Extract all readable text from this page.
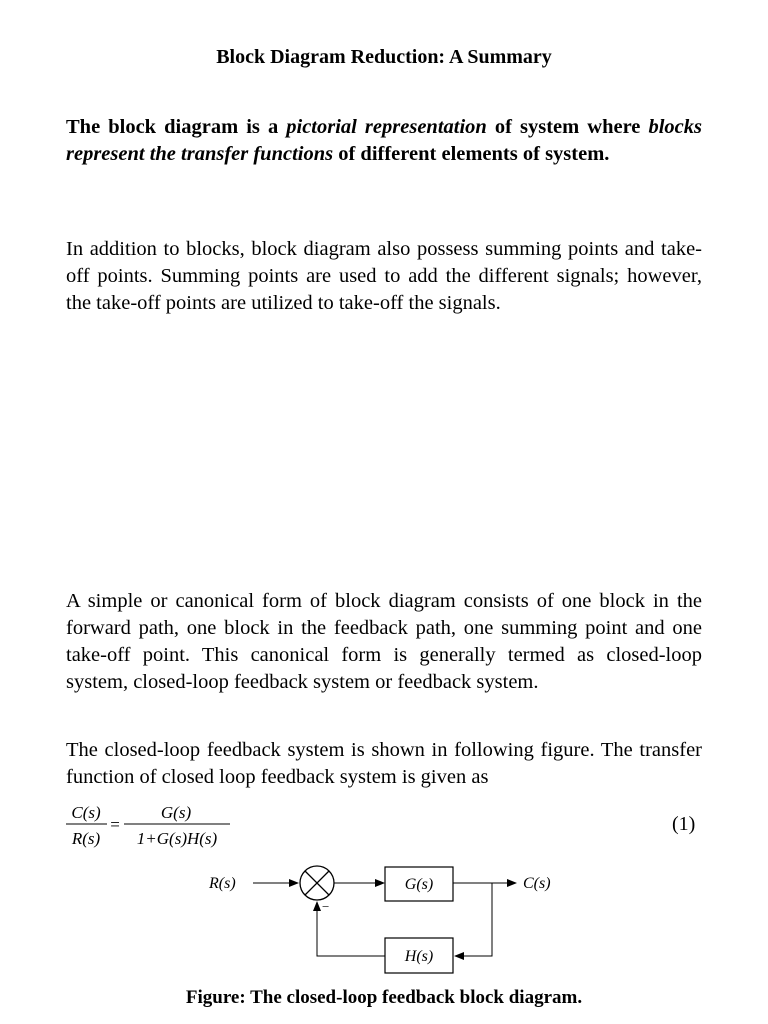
Block Diagram Reduction: A Summary

The block diagram is a pictorial representation of system where blocks represent the transfer functions of different elements of system.

In addition to blocks, block diagram also possess summing points and take-off points. Summing points are used to add the different signals; however, the take-off points are utilized to take-off the signals.

A simple or canonical form of block diagram consists of one block in the forward path, one block in the feedback path, one summing point and one take-off point. This canonical form is generally termed as closed-loop system, closed-loop feedback system or feedback system.

The closed-loop feedback system is shown in following figure. The transfer function of closed loop feedback system is given as

C(s)
R(s)
=
G(s)
1+G(s)H(s)
(1)
R(s)
−
G(s)	C(s)
H(s)
Figure: The closed-loop feedback block diagram.
